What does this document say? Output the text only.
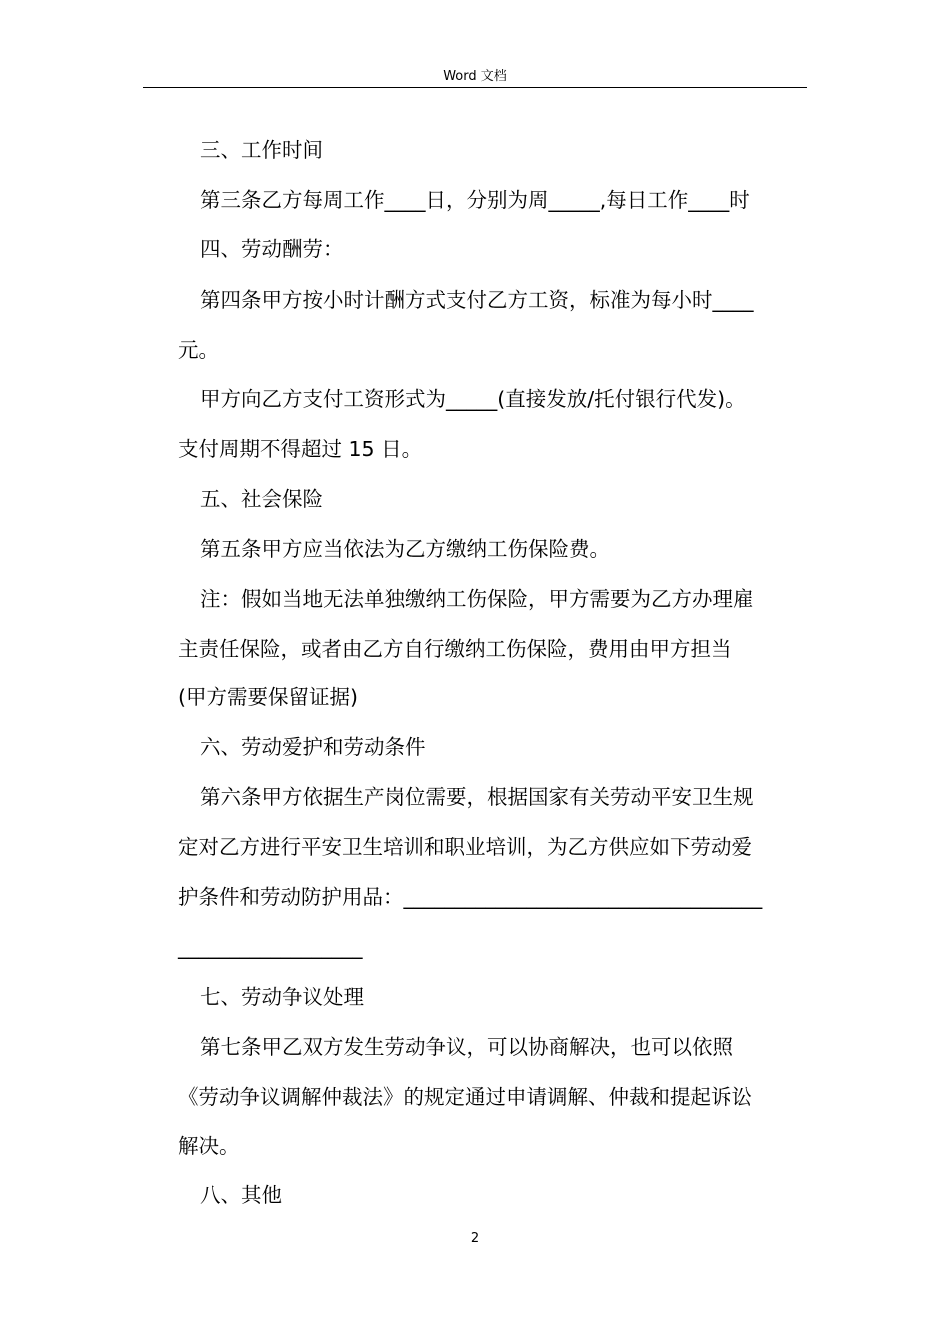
Word 文档
三、工作时间
第三条乙方每周工作____日，分别为周_____,每日工作____时
四、劳动酬劳：
第四条甲方按小时计酬方式支付乙方工资，标准为每小时____
元。
甲方向乙方支付工资形式为_____(直接发放/托付银行代发)。
支付周期不得超过 15 日。
五、社会保险
第五条甲方应当依法为乙方缴纳工伤保险费。
注：假如当地无法单独缴纳工伤保险，甲方需要为乙方办理雇
主责任保险，或者由乙方自行缴纳工伤保险，费用由甲方担当
(甲方需要保留证据)
六、劳动爱护和劳动条件
第六条甲方依据生产岗位需要，根据国家有关劳动平安卫生规
定对乙方进行平安卫生培训和职业培训，为乙方供应如下劳动爱
护条件和劳动防护用品：___________________________________
__________________
七、劳动争议处理
第七条甲乙双方发生劳动争议，可以协商解决，也可以依照
《劳动争议调解仲裁法》的规定通过申请调解、仲裁和提起诉讼
解决。
八、其他
2
